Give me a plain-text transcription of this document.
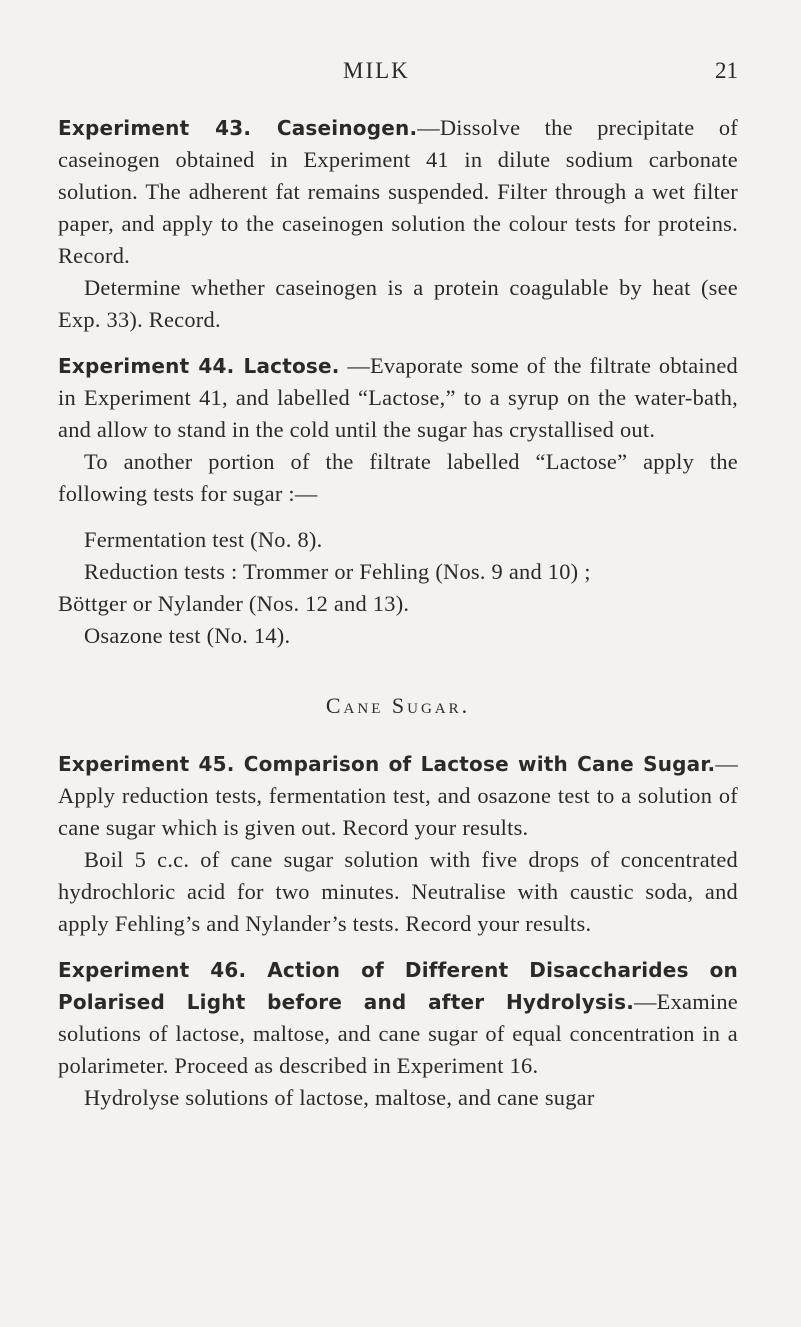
MILK	21

Experiment 43. Caseinogen.—Dissolve the precipitate of caseinogen obtained in Experiment 41 in dilute sodium carbonate solution. The adherent fat remains suspended. Filter through a wet filter paper, and apply to the caseinogen solution the colour tests for proteins. Record.

Determine whether caseinogen is a protein coagulable by heat (see Exp. 33). Record.

Experiment 44. Lactose. —Evaporate some of the filtrate obtained in Experiment 41, and labelled “Lactose,” to a syrup on the water-bath, and allow to stand in the cold until the sugar has crystallised out.

To another portion of the filtrate labelled “Lactose” apply the following tests for sugar :—

Fermentation test (No. 8).

Reduction tests : Trommer or Fehling (Nos. 9 and 10) ;

Böttger or Nylander (Nos. 12 and 13).

Osazone test (No. 14).

Cane Sugar.

Experiment 45. Comparison of Lactose with Cane Sugar.—Apply reduction tests, fermentation test, and osazone test to a solution of cane sugar which is given out. Record your results.

Boil 5 c.c. of cane sugar solution with five drops of concentrated hydrochloric acid for two minutes. Neutralise with caustic soda, and apply Fehling’s and Nylander’s tests. Record your results.

Experiment 46. Action of Different Disaccharides on Polarised Light before and after Hydrolysis.—Examine solutions of lactose, maltose, and cane sugar of equal concentration in a polarimeter. Proceed as described in Experiment 16.

Hydrolyse solutions of lactose, maltose, and cane sugar
